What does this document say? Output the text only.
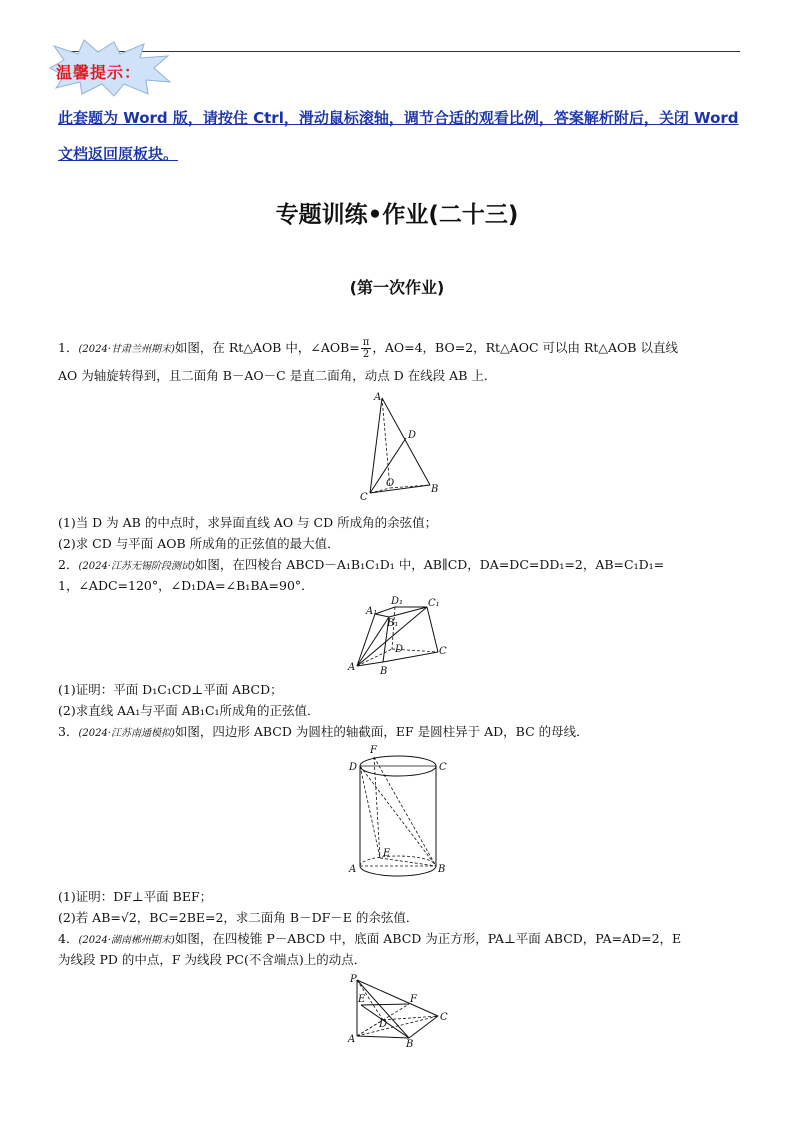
温馨提示：
此套题为 Word 版，请按住 Ctrl，滑动鼠标滚轴，调节合适的观看比例，答案解析附后，关闭 Word 文档返回原板块。
专题训练•作业(二十三)
(第一次作业)
1．(2024·甘肃兰州期末)如图，在 Rt△AOB 中，∠AOB= $\frac{\pi}{2}$ ，AO=4，BO=2，Rt△AOC 可以由 Rt△AOB 以直线
AO 为轴旋转得到，且二面角 B－AO－C 是直二面角，动点 D 在线段 AB 上．
A
D
O
C
B
(1)当 D 为 AB 的中点时，求异面直线 AO 与 CD 所成角的余弦值；
(2)求 CD 与平面 AOB 所成角的正弦值的最大值．
2．(2024·江苏无锡阶段测试)如图，在四棱台 ABCD－A₁B₁C₁D₁ 中，AB∥CD，DA=DC=DD₁=2，AB=C₁D₁=
1，∠ADC=120°，∠D₁DA=∠B₁BA=90°．
A₁
D₁ C₁
B₁
D	C
A B
(1)证明：平面 D₁C₁CD⊥平面 ABCD；
(2)求直线 AA₁与平面 AB₁C₁所成角的正弦值．
3．(2024·江苏南通模拟)如图，四边形 ABCD 为圆柱的轴截面，EF 是圆柱异于 AD，BC 的母线．
F
D	C
E
A	B
(1)证明：DF⊥平面 BEF；
(2)若 AB=√2，BC=2BE=2，求二面角 B－DF－E 的余弦值．
4．(2024·湖南郴州期末)如图，在四棱锥 P－ABCD 中，底面 ABCD 为正方形，PA⊥平面 ABCD，PA=AD=2，E
为线段 PD 的中点，F 为线段 PC(不含端点)上的动点．
P
F
E
D
C
A	B
